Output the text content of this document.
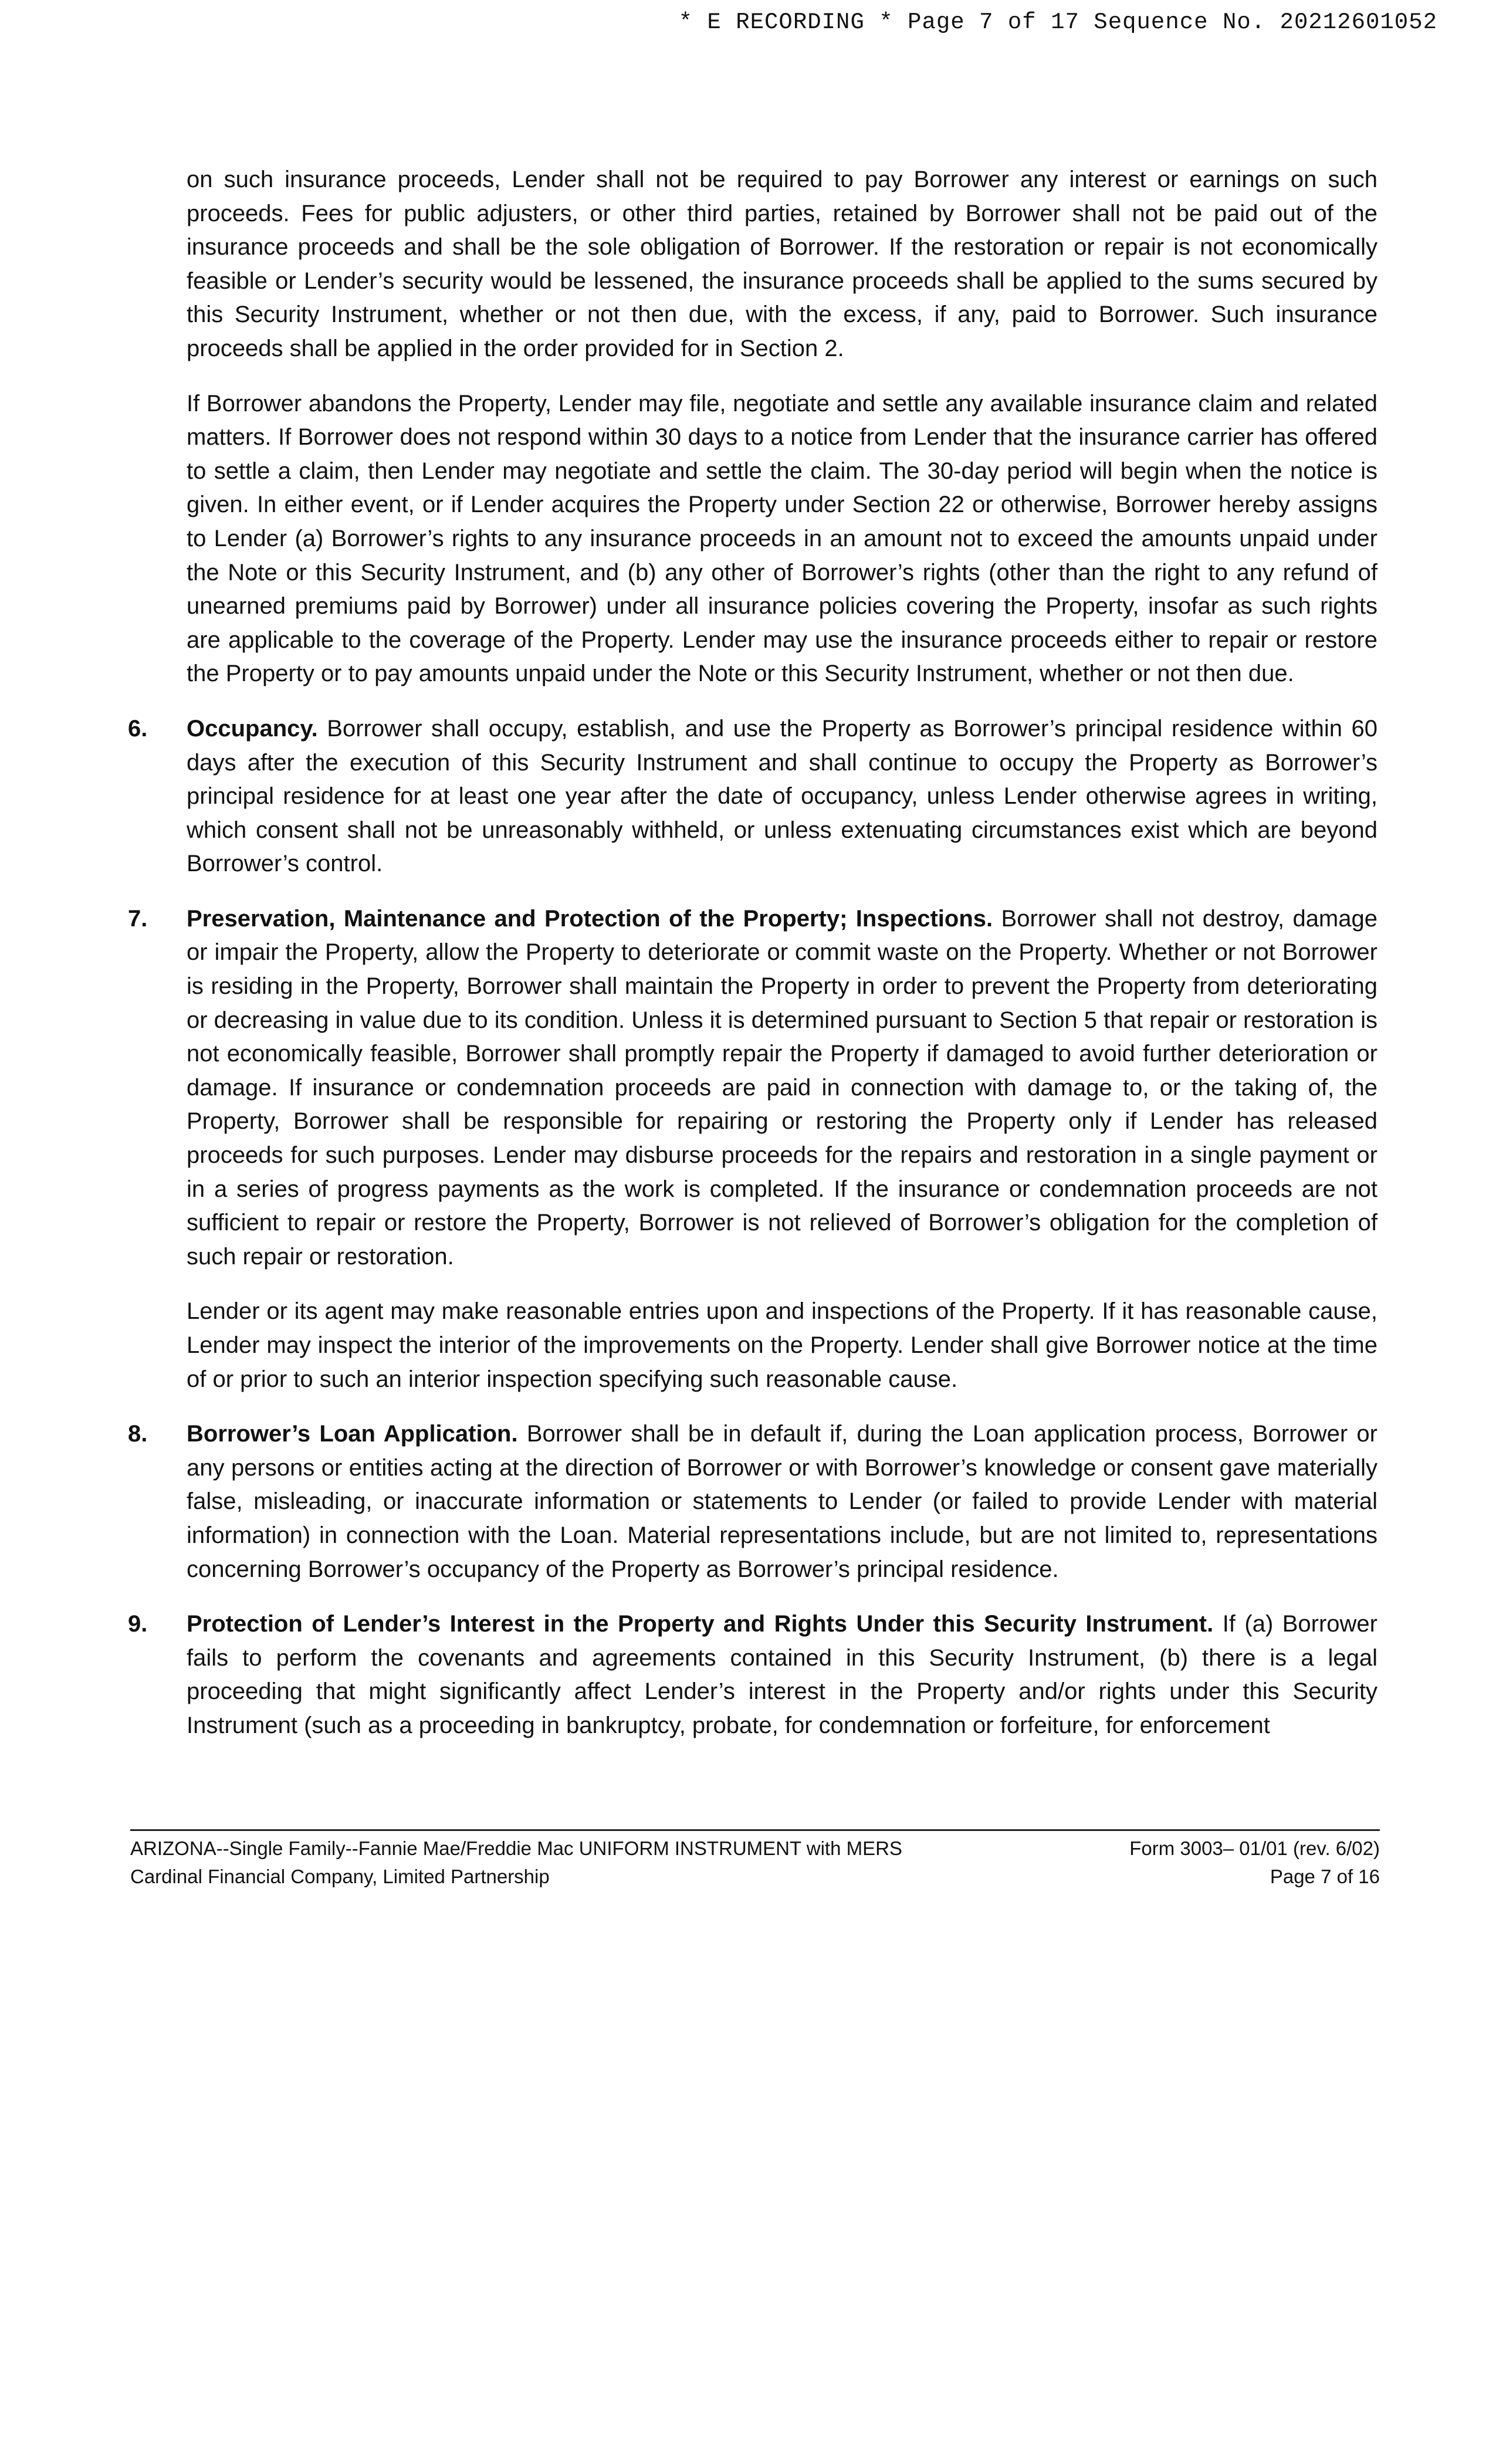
* E RECORDING * Page 7 of 17 Sequence No. 20212601052

on such insurance proceeds, Lender shall not be required to pay Borrower any interest or earnings on such proceeds. Fees for public adjusters, or other third parties, retained by Borrower shall not be paid out of the insurance proceeds and shall be the sole obligation of Borrower. If the restoration or repair is not economically feasible or Lender’s security would be lessened, the insurance proceeds shall be applied to the sums secured by this Security Instrument, whether or not then due, with the excess, if any, paid to Borrower. Such insurance proceeds shall be applied in the order provided for in Section 2.

If Borrower abandons the Property, Lender may file, negotiate and settle any available insurance claim and related matters. If Borrower does not respond within 30 days to a notice from Lender that the insurance carrier has offered to settle a claim, then Lender may negotiate and settle the claim. The 30-day period will begin when the notice is given. In either event, or if Lender acquires the Property under Section 22 or otherwise, Borrower hereby assigns to Lender (a) Borrower’s rights to any insurance proceeds in an amount not to exceed the amounts unpaid under the Note or this Security Instrument, and (b) any other of Borrower’s rights (other than the right to any refund of unearned premiums paid by Borrower) under all insurance policies covering the Property, insofar as such rights are applicable to the coverage of the Property. Lender may use the insurance proceeds either to repair or restore the Property or to pay amounts unpaid under the Note or this Security Instrument, whether or not then due.

6.	Occupancy. Borrower shall occupy, establish, and use the Property as Borrower’s principal residence within 60 days after the execution of this Security Instrument and shall continue to occupy the Property as Borrower’s principal residence for at least one year after the date of occupancy, unless Lender otherwise agrees in writing, which consent shall not be unreasonably withheld, or unless extenuating circumstances exist which are beyond Borrower’s control.

7.	Preservation, Maintenance and Protection of the Property; Inspections. Borrower shall not destroy, damage or impair the Property, allow the Property to deteriorate or commit waste on the Property. Whether or not Borrower is residing in the Property, Borrower shall maintain the Property in order to prevent the Property from deteriorating or decreasing in value due to its condition. Unless it is determined pursuant to Section 5 that repair or restoration is not economically feasible, Borrower shall promptly repair the Property if damaged to avoid further deterioration or damage. If insurance or condemnation proceeds are paid in connection with damage to, or the taking of, the Property, Borrower shall be responsible for repairing or restoring the Property only if Lender has released proceeds for such purposes. Lender may disburse proceeds for the repairs and restoration in a single payment or in a series of progress payments as the work is completed. If the insurance or condemnation proceeds are not sufficient to repair or restore the Property, Borrower is not relieved of Borrower’s obligation for the completion of such repair or restoration.

Lender or its agent may make reasonable entries upon and inspections of the Property. If it has reasonable cause, Lender may inspect the interior of the improvements on the Property. Lender shall give Borrower notice at the time of or prior to such an interior inspection specifying such reasonable cause.

8.	Borrower’s Loan Application. Borrower shall be in default if, during the Loan application process, Borrower or any persons or entities acting at the direction of Borrower or with Borrower’s knowledge or consent gave materially false, misleading, or inaccurate information or statements to Lender (or failed to provide Lender with material information) in connection with the Loan. Material representations include, but are not limited to, representations concerning Borrower’s occupancy of the Property as Borrower’s principal residence.

9.	Protection of Lender’s Interest in the Property and Rights Under this Security Instrument. If (a) Borrower fails to perform the covenants and agreements contained in this Security Instrument, (b) there is a legal proceeding that might significantly affect Lender’s interest in the Property and/or rights under this Security Instrument (such as a proceeding in bankruptcy, probate, for condemnation or forfeiture, for enforcement

ARIZONA--Single Family--Fannie Mae/Freddie Mac UNIFORM INSTRUMENT with MERS	Form 3003– 01/01 (rev. 6/02)
Cardinal Financial Company, Limited Partnership	Page 7 of 16
